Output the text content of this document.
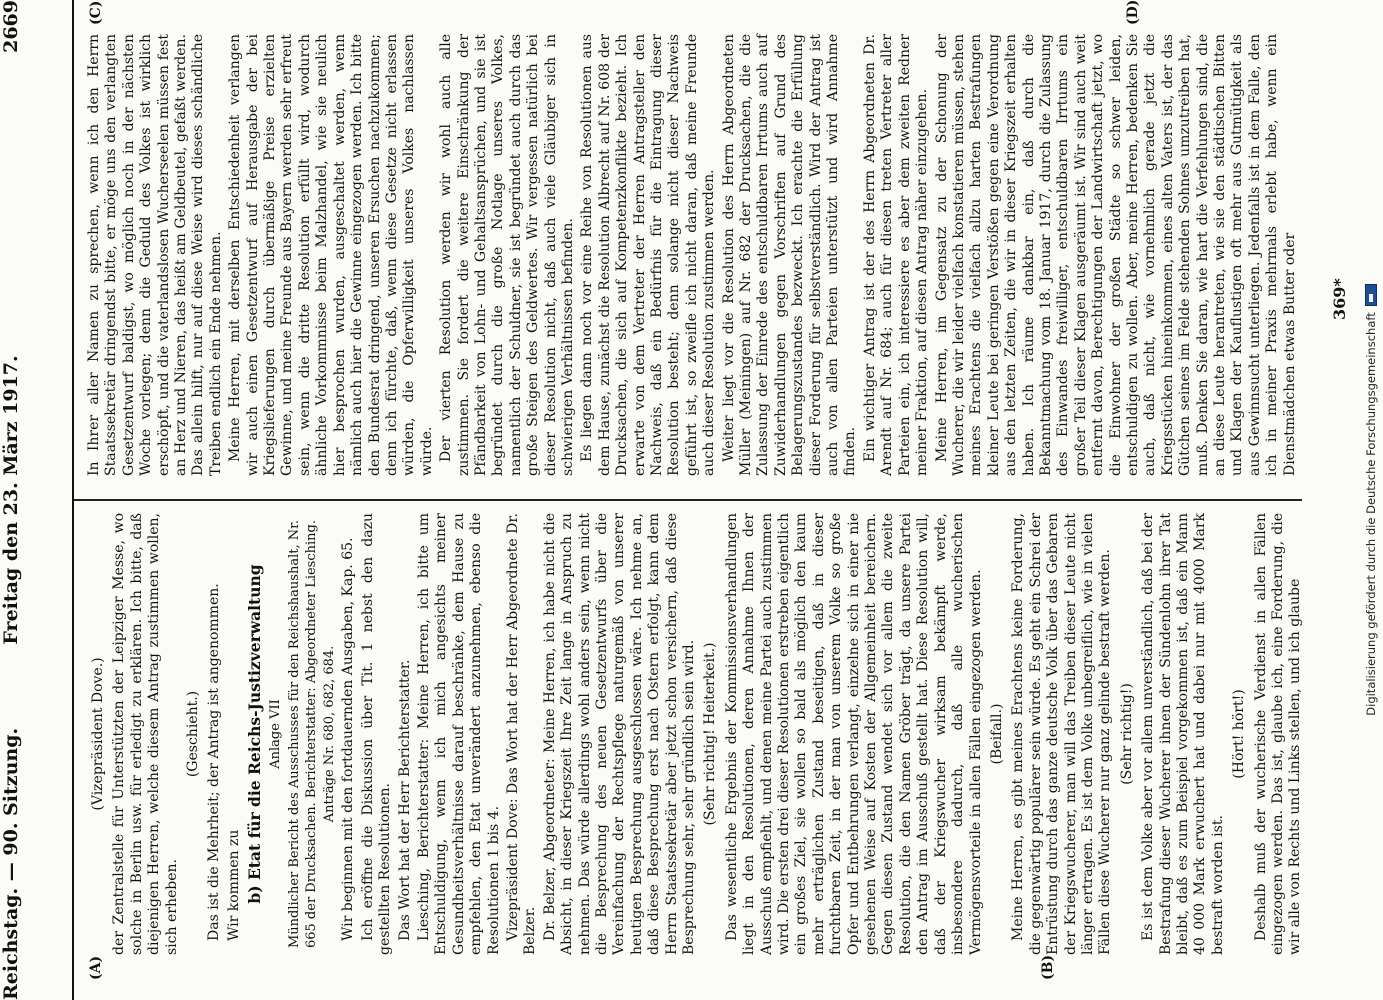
Reichstag. — 90. Sitzung.
Freitag den 23. März 1917.
2669
(A)	(B)
(C)	(D)

(Vizepräsident Dove.) der Zentralstelle für Unterstützten der Leipziger Messe, wo solche in Berlin usw. für erledigt zu erklären. Ich bitte, daß diejenigen Herren, welche diesem Antrag zustimmen wollen, sich erheben.

(Geschieht.) Das ist die Mehrheit; der Antrag ist angenommen. Wir kommen zu b) Etat für die Reichs-Justizverwaltung Anlage VII Mündlicher Bericht des Ausschusses für den Reichshaushalt, Nr. 665 der Drucksachen. Berichterstatter: Abgeordneter Liesching. Anträge Nr. 680, 682, 684. Wir beginnen mit den fortdauernden Ausgaben, Kap. 65. Ich eröffne die Diskussion über Tit. 1 nebst den dazu gestellten Resolutionen. Das Wort hat der Herr Berichterstatter. Liesching, Berichterstatter: Meine Herren, ich bitte um Entschuldigung, wenn ich mich angesichts meiner Gesundheitsverhältnisse darauf beschränke, dem Hause zu empfehlen, den Etat unverändert anzunehmen, ebenso die Resolutionen 1 bis 4. Vizepräsident Dove: Das Wort hat der Herr Abgeordnete Dr. Belzer. Dr. Belzer, Abgeordneter: Meine Herren, ich habe nicht die Absicht, in dieser Kriegszeit Ihre Zeit lange in Anspruch zu nehmen. Das würde allerdings wohl anders sein, wenn nicht die Besprechung des neuen Gesetzentwurfs über die Vereinfachung der Rechtspflege naturgemäß von unserer heutigen Besprechung ausgeschlossen wäre. Ich nehme an, daß diese Besprechung erst nach Ostern erfolgt, kann dem Herrn Staatssekretär aber jetzt schon versichern, daß diese Besprechung sehr, sehr gründlich sein wird. (Sehr richtig! Heiterkeit.) Das wesentliche Ergebnis der Kommissionsverhandlungen liegt in den Resolutionen, deren Annahme Ihnen der Ausschuß empfiehlt, und denen meine Partei auch zustimmen wird. Die ersten drei dieser Resolutionen erstreben eigentlich ein großes Ziel, sie wollen so bald als möglich den kaum mehr erträglichen Zustand beseitigen, daß in dieser furchtbaren Zeit, in der man von unserem Volke so große Opfer und Entbehrungen verlangt, einzelne sich in einer nie gesehenen Weise auf Kosten der Allgemeinheit bereichern. Gegen diesen Zustand wendet sich vor allem die zweite Resolution, die den Namen Gröber trägt, da unsere Partei den Antrag im Ausschuß gestellt hat. Diese Resolution will, daß der Kriegswucher wirksam bekämpft werde, insbesondere dadurch, daß alle wucherischen Vermögensvorteile in allen Fällen eingezogen werden. (Beifall.) Meine Herren, es gibt meines Erachtens keine Forderung, die gegenwärtig populärer sein würde. Es geht ein Schrei der Entrüstung durch das ganze deutsche Volk über das Gebaren der Kriegswucherer, man will das Treiben dieser Leute nicht länger ertragen. Es ist dem Volke unbegreiflich, wie in vielen Fällen diese Wucherer nur ganz gelinde bestraft werden. (Sehr richtig!) Es ist dem Volke aber vor allem unverständlich, daß bei der Bestrafung dieser Wucherer ihnen der Sündenlohn ihrer Tat bleibt, daß es zum Beispiel vorgekommen ist, daß ein Mann 40 000 Mark erwuchert hat und dabei nur mit 4000 Mark bestraft worden ist.

(Hört! hört!) Deshalb muß der wucherische Verdienst in allen Fällen eingezogen werden. Das ist, glaube ich, eine Forderung, die wir alle von Rechts und Links stellen, und ich glaube

In Ihrer aller Namen zu sprechen, wenn ich den Herrn Staatssekretär dringendst bitte, er möge uns den verlangten Gesetzentwurf baldigst, wo möglich noch in der nächsten Woche vorlegen; denn die Geduld des Volkes ist wirklich erschöpft, und die vaterlandslosen Wucherseelen müssen fest an Herz und Nieren, das heißt am Geldbeutel, gefaßt werden. Das allein hilft, nur auf diese Weise wird dieses schändliche Treiben endlich ein Ende nehmen. Meine Herren, mit derselben Entschiedenheit verlangen wir auch einen Gesetzentwurf auf Herausgabe der bei Kriegslieferungen durch übermäßige Preise erzielten Gewinne, und meine Freunde aus Bayern werden sehr erfreut sein, wenn die dritte Resolution erfüllt wird, wodurch ähnliche Vorkommnisse beim Malzhandel, wie sie neulich hier besprochen wurden, ausgeschaltet werden, wenn nämlich auch hier die Gewinne eingezogen werden. Ich bitte den Bundesrat dringend, unseren Ersuchen nachzukommen; denn ich fürchte, daß, wenn diese Gesetze nicht erlassen würden, die Opferwilligkeit unseres Volkes nachlassen würde. Der vierten Resolution werden wir wohl auch alle zustimmen. Sie fordert die weitere Einschränkung der Pfändbarkeit von Lohn- und Gehaltsansprüchen, und sie ist begründet durch die große Notlage unseres Volkes, namentlich der Schuldner, sie ist begründet auch durch das große Steigen des Geldwertes. Wir vergessen natürlich bei dieser Resolution nicht, daß auch viele Gläubiger sich in schwierigen Verhältnissen befinden. Es liegen dann noch vor eine Reihe von Resolutionen aus dem Hause, zunächst die Resolution Albrecht auf Nr. 608 der Drucksachen, die sich auf Kompetenzkonflikte bezieht. Ich erwarte von dem Vertreter der Herren Antragsteller den Nachweis, daß ein Bedürfnis für die Eintragung dieser Resolution besteht; denn solange nicht dieser Nachweis geführt ist, so zweifle ich nicht daran, daß meine Freunde auch dieser Resolution zustimmen werden. Weiter liegt vor die Resolution des Herrn Abgeordneten Müller (Meiningen) auf Nr. 682 der Drucksachen, die die Zulassung der Einrede des entschuldbaren Irrtums auch auf Zuwiderhandlungen gegen Vorschriften auf Grund des Belagerungszustandes bezweckt. Ich erachte die Erfüllung dieser Forderung für selbstverständlich. Wird der Antrag ist auch von allen Parteien unterstützt und wird Annahme finden. Ein wichtiger Antrag ist der des Herrn Abgeordneten Dr. Arendt auf Nr. 684; auch für diesen treten Vertreter aller Parteien ein, ich interessiere es aber dem zweiten Redner meiner Fraktion, auf diesen Antrag näher einzugehen. Meine Herren, im Gegensatz zu der Schonung der Wucherer, die wir leider vielfach konstatieren müssen, stehen meines Erachtens die vielfach allzu harten Bestrafungen kleiner Leute bei geringen Verstößen gegen eine Verordnung aus den letzten Zeiten, die wir in dieser Kriegszeit erhalten haben. Ich räume dankbar ein, daß durch die Bekanntmachung vom 18. Januar 1917, durch die Zulassung des Einwandes freiwilliger, entschuldbaren Irrtums ein großer Teil dieser Klagen ausgeräumt ist. Wir sind auch weit entfernt davon, Berechtigungen der Landwirtschaft jetzt, wo die Einwohner der großen Städte so schwer leiden, entschuldigen zu wollen. Aber, meine Herren, bedenken Sie auch, daß nicht, wie vornehmlich gerade jetzt die Kriegsstücken hineinkommen, eines alten Vaters ist, der das Gütchen seines im Felde stehenden Sohnes umzutreiben hat, muß. Denken Sie daran, wie hart die Verfehlungen sind, die an diese Leute herantreten, wie sie den städtischen Bitten und Klagen der Kauflustigen oft mehr aus Gutmütigkeit als aus Gewinnsucht unterliegen. Jedenfalls ist in dem Falle, den ich in meiner Praxis mehrmals erlebt habe, wenn ein Dienstmädchen etwas Butter oder 369*
Digitalisierung gefördert durch die Deutsche Forschungsgemeinschaft
